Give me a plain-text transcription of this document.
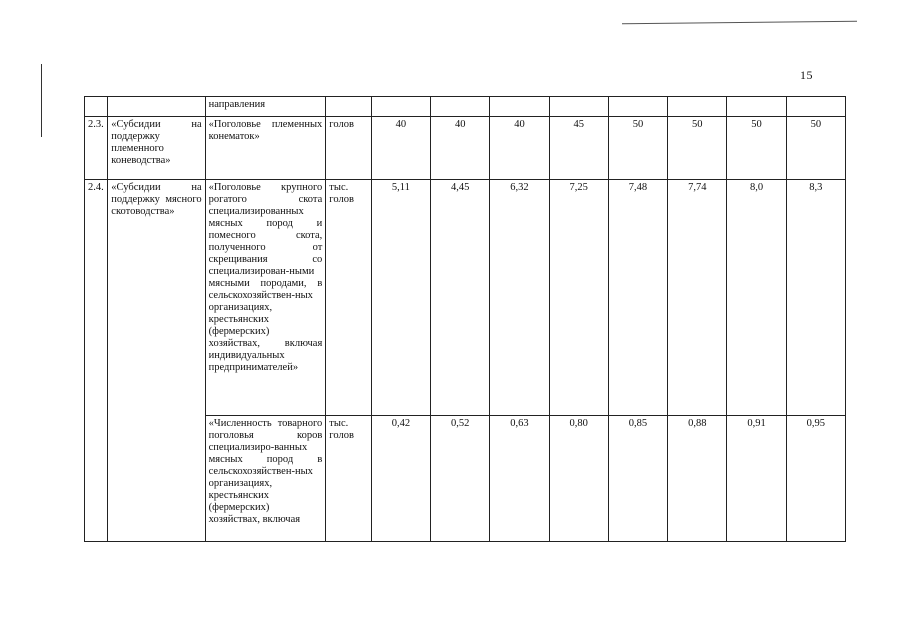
15
		направления									
2.3.	«Субсидии на поддержку племенного коневодства»	«Поголовье племенных конематок»	голов	40	40	40	45	50	50	50	50
2.4.	«Субсидии на поддержку мясного скотоводства»	«Поголовье крупного рогатого скота специализированных мясных пород и помесного скота, полученного от скрещивания со специализирован-ными мясными породами, в сельскохозяйствен-ных организациях, крестьянских (фермерских) хозяйствах, включая индивидуальных предпринимателей»	тыс. голов	5,11	4,45	6,32	7,25	7,48	7,74	8,0	8,3
		«Численность товарного поголовья коров специализиро-ванных мясных пород в сельскохозяйствен-ных организациях, крестьянских (фермерских) хозяйствах, включая	тыс. голов	0,42	0,52	0,63	0,80	0,85	0,88	0,91	0,95
